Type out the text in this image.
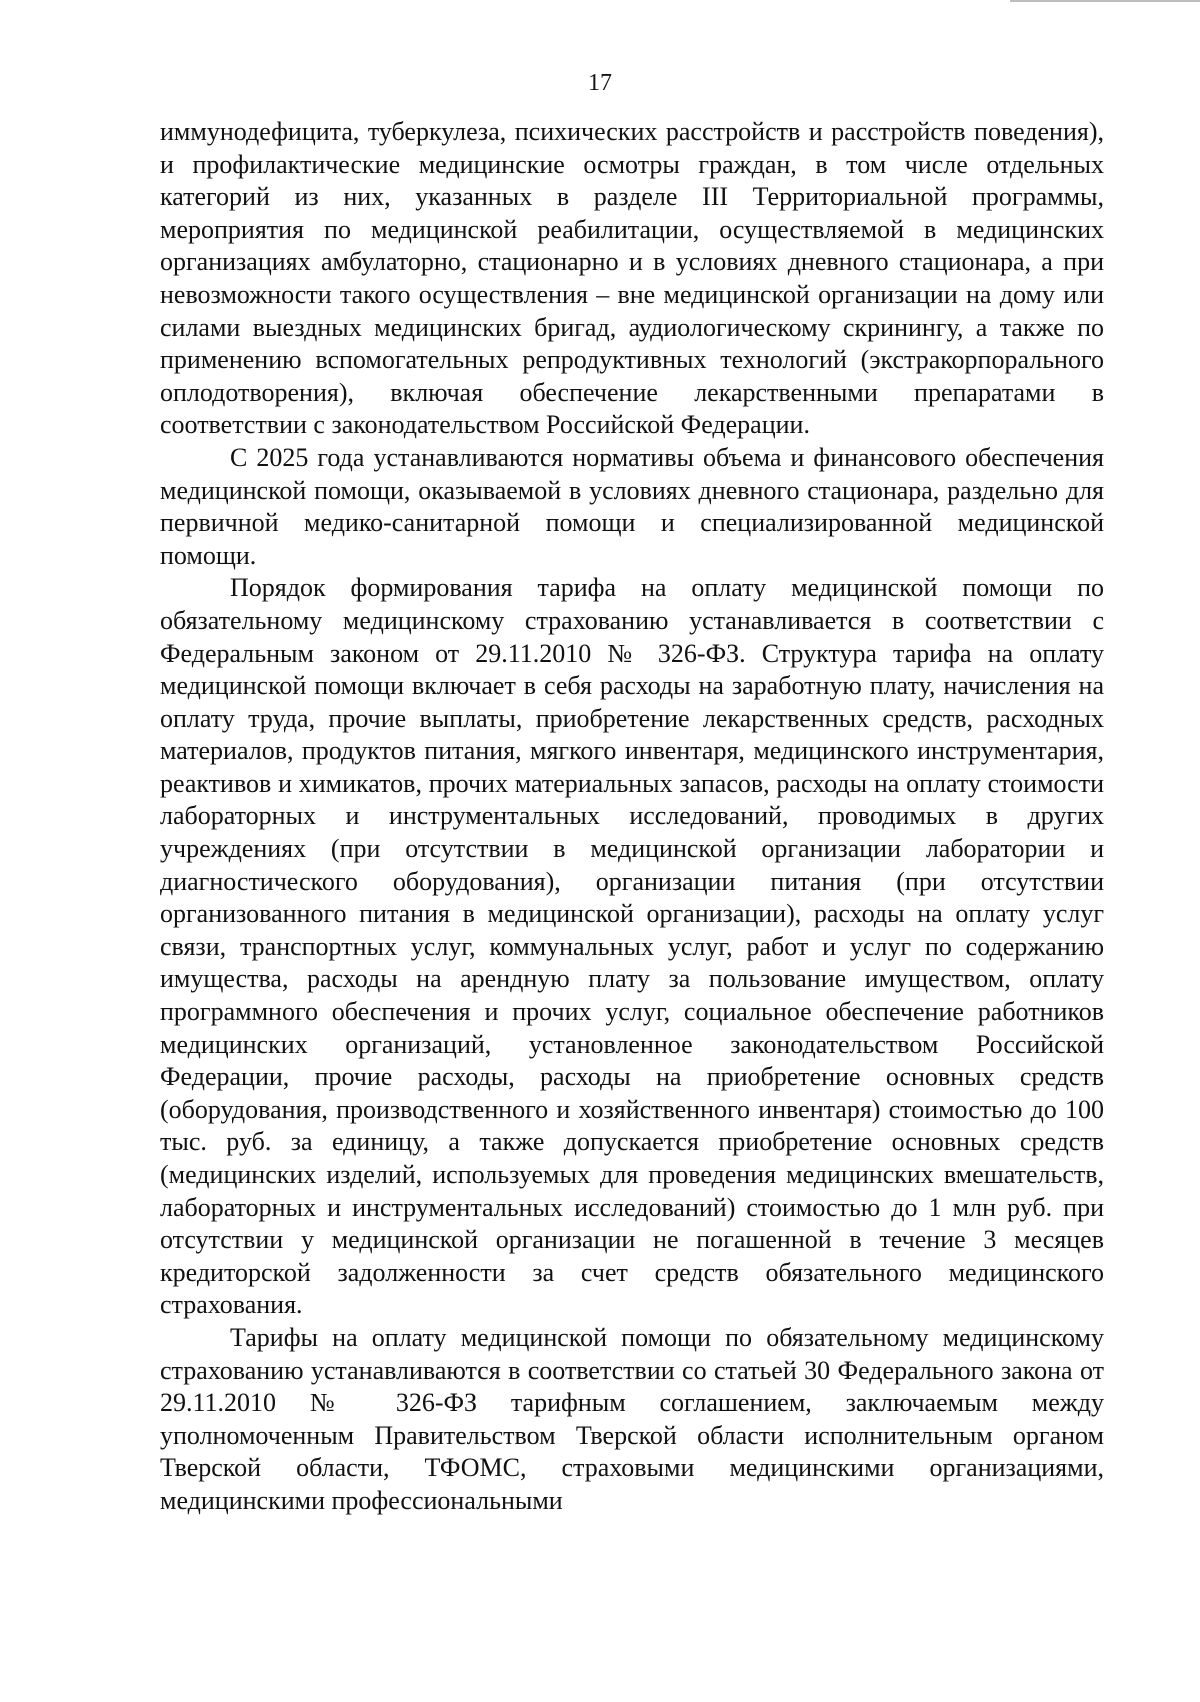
17

иммунодефицита, туберкулеза, психических расстройств и расстройств поведения), и профилактические медицинские осмотры граждан, в том числе отдельных категорий из них, указанных в разделе III Территориальной программы, мероприятия по медицинской реабилитации, осуществляемой в медицинских организациях амбулаторно, стационарно и в условиях дневного стационара, а при невозможности такого осуществления – вне медицинской организации на дому или силами выездных медицинских бригад, аудиологическому скринингу, а также по применению вспомогательных репродуктивных технологий (экстракорпорального оплодотворения), включая обеспечение лекарственными препаратами в соответствии с законодательством Российской Федерации.

С 2025 года устанавливаются нормативы объема и финансового обеспечения медицинской помощи, оказываемой в условиях дневного стационара, раздельно для первичной медико-санитарной помощи и специализированной медицинской помощи.

Порядок формирования тарифа на оплату медицинской помощи по обязательному медицинскому страхованию устанавливается в соответствии с Федеральным законом от 29.11.2010 № 326-ФЗ. Структура тарифа на оплату медицинской помощи включает в себя расходы на заработную плату, начисления на оплату труда, прочие выплаты, приобретение лекарственных средств, расходных материалов, продуктов питания, мягкого инвентаря, медицинского инструментария, реактивов и химикатов, прочих материальных запасов, расходы на оплату стоимости лабораторных и инструментальных исследований, проводимых в других учреждениях (при отсутствии в медицинской организации лаборатории и диагностического оборудования), организации питания (при отсутствии организованного питания в медицинской организации), расходы на оплату услуг связи, транспортных услуг, коммунальных услуг, работ и услуг по содержанию имущества, расходы на арендную плату за пользование имуществом, оплату программного обеспечения и прочих услуг, социальное обеспечение работников медицинских организаций, установленное законодательством Российской Федерации, прочие расходы, расходы на приобретение основных средств (оборудования, производственного и хозяйственного инвентаря) стоимостью до 100 тыс. руб. за единицу, а также допускается приобретение основных средств (медицинских изделий, используемых для проведения медицинских вмешательств, лабораторных и инструментальных исследований) стоимостью до 1 млн руб. при отсутствии у медицинской организации не погашенной в течение 3 месяцев кредиторской задолженности за счет средств обязательного медицинского страхования.

Тарифы на оплату медицинской помощи по обязательному медицинскому страхованию устанавливаются в соответствии со статьей 30 Федерального закона от 29.11.2010 № 326-ФЗ тарифным соглашением, заключаемым между уполномоченным Правительством Тверской области исполнительным органом Тверской области, ТФОМС, страховыми медицинскими организациями, медицинскими профессиональными
